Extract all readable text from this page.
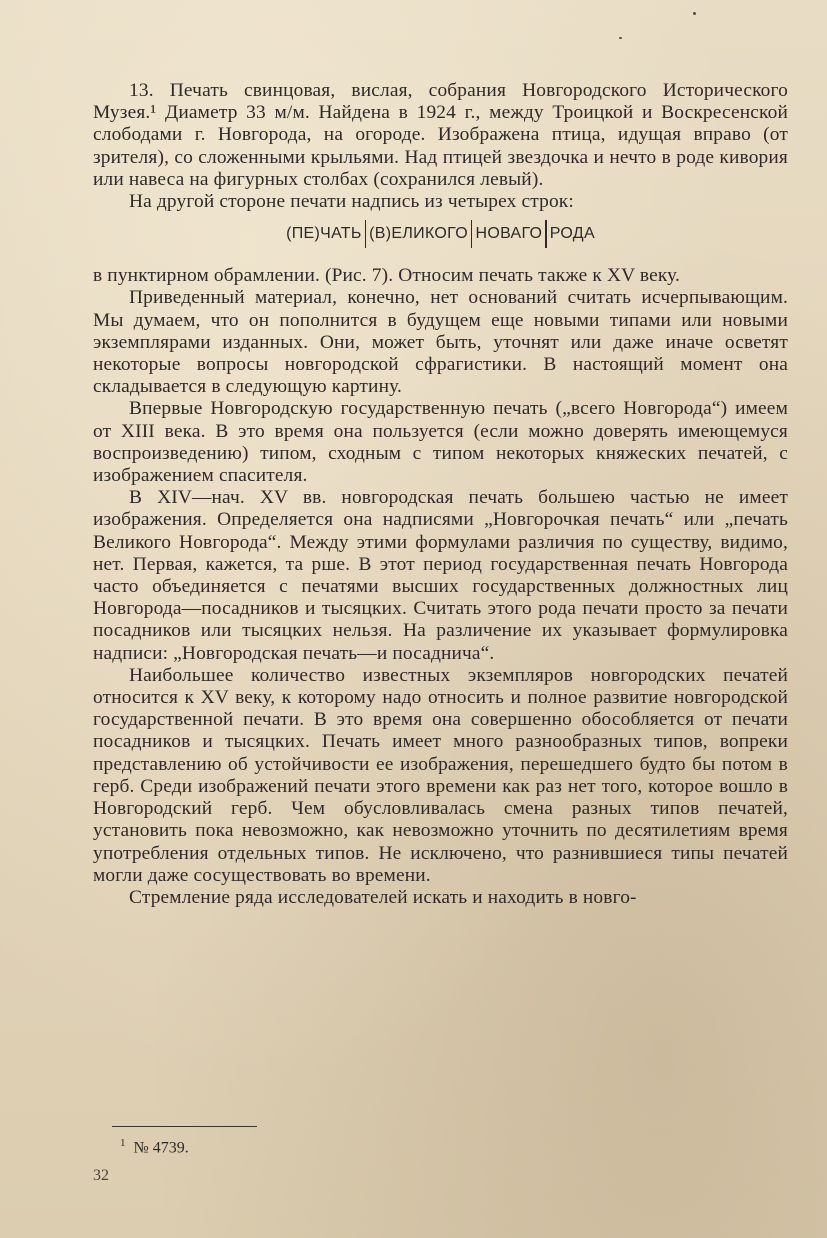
13. Печать свинцовая, вислая, собрания Новгородского Исторического Музея.¹ Диаметр 33 м/м. Найдена в 1924 г., между Троицкой и Воскресенской слободами г. Новгорода, на огороде. Изображена птица, идущая вправо (от зрителя), со сложенными крыльями. Над птицей звездочка и нечто в роде кивория или навеса на фигурных столбах (сохранился левый).

На другой стороне печати надпись из четырех строк:

(ПЕ)ЧАТЬ (В)ЕЛИКОГО НОВАГО РОДА

в пунктирном обрамлении. (Рис. 7). Относим печать также к XV веку.

Приведенный материал, конечно, нет оснований считать исчерпывающим. Мы думаем, что он пополнится в будущем еще новыми типами или новыми экземплярами изданных. Они, может быть, уточнят или даже иначе осветят некоторые вопросы новгородской сфрагистики. В настоящий момент она складывается в следующую картину.

Впервые Новгородскую государственную печать („всего Новгорода“) имеем от XIII века. В это время она пользуется (если можно доверять имеющемуся воспроизведению) типом, сходным с типом некоторых княжеских печатей, с изображением спасителя.

В XIV—нач. XV вв. новгородская печать большею частью не имеет изображения. Определяется она надписями „Новгорочкая печать“ или „печать Великого Новгорода“. Между этими формулами различия по существу, видимо, нет. Первая, кажется, та рше. В этот период государственная печать Новгорода часто объединяется с печатями высших государственных должностных лиц Новгорода—посадников и тысяцких. Считать этого рода печати просто за печати посадников или тысяцких нельзя. На различение их указывает формулировка надписи: „Новгородская печать—и посаднича“.

Наибольшее количество известных экземпляров новгородских печатей относится к XV веку, к которому надо относить и полное развитие новгородской государственной печати. В это время она совершенно обособляется от печати посадников и тысяцких. Печать имеет много разнообразных типов, вопреки представлению об устойчивости ее изображения, перешедшего будто бы потом в герб. Среди изображений печати этого времени как раз нет того, которое вошло в Новгородский герб. Чем обусловливалась смена разных типов печатей, установить пока невозможно, как невозможно уточнить по десятилетиям время употребления отдельных типов. Не исключено, что разнившиеся типы печатей могли даже сосуществовать во времени.

Стремление ряда исследователей искать и находить в новго-

$^1$ № 4739.
32
